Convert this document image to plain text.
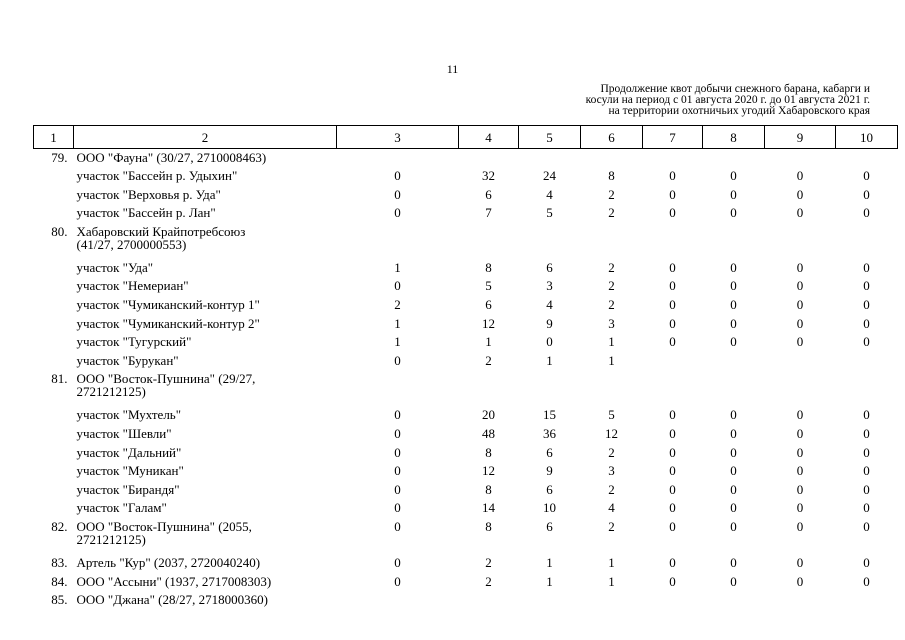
11
Продолжение квот добычи снежного барана, кабарги и
косули на период с 01 августа 2020 г. до 01 августа 2021 г.
на территории охотничьих угодий Хабаровского края
1	2	3	4	5	6	7	8	9	10
79.	ООО "Фауна" (30/27, 2710008463)								

	участок "Бассейн р. Удыхин"	0	32	24	8	0	0	0	0

	участок "Верховья р. Уда"	0	6	4	2	0	0	0	0

	участок "Бассейн р. Лан"	0	7	5	2	0	0	0	0
80.	Хабаровский Крайпотребсоюз
(41/27, 2700000553)								

	участок "Уда"	1	8	6	2	0	0	0	0

	участок "Немериан"	0	5	3	2	0	0	0	0

	участок "Чумиканский-контур 1"	2	6	4	2	0	0	0	0

	участок "Чумиканский-контур 2"	1	12	9	3	0	0	0	0

	участок "Тугурский"	1	1	0	1	0	0	0	0

	участок "Бурукан"	0	2	1	1				
81.	ООО "Восток-Пушнина" (29/27,
2721212125)								

	участок "Мухтель"	0	20	15	5	0	0	0	0

	участок "Шевли"	0	48	36	12	0	0	0	0

	участок "Дальний"	0	8	6	2	0	0	0	0

	участок "Муникан"	0	12	9	3	0	0	0	0

	участок "Бирандя"	0	8	6	2	0	0	0	0

	участок "Галам"	0	14	10	4	0	0	0	0
82.	ООО "Восток-Пушнина" (2055,
2721212125)	0	8	6	2	0	0	0	0
83.	Артель "Кур" (2037, 2720040240)	0	2	1	1	0	0	0	0
84.	ООО "Ассыни" (1937, 2717008303)	0	2	1	1	0	0	0	0
85.	ООО "Джана" (28/27, 2718000360)								
